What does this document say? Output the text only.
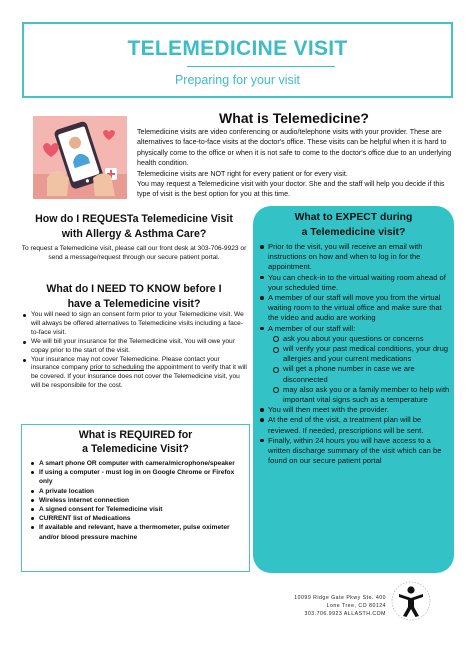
TELEMEDICINE VISIT
Preparing for your visit
What is Telemedicine?

Telemedicine visits are video conferencing or audio/telephone visits with your provider. These are alternatives to face-to-face visits at the doctor's office. These visits can be helpful when it is hard to physically come to the office or when it is not safe to come to the doctor's office due to an underlying health condition.

Telemedicine visits are NOT right for every patient or for every visit.

You may request a Telemedicine visit with your doctor. She and the staff will help you decide if this type of visit is the best option for you at this time.

How do I REQUESTa Telemedicine Visit
with Allergy & Asthma Care?
To request a Telemedicine visit, please call our front desk at 303-706-9923 or send a message/request through our secure patient portal.
What do I NEED TO KNOW before I
have a Telemedicine visit?
You will need to sign an consent form prior to your Telemedicine visit. We will always be offered alternatives to Telemedicine visits including a face-to-face visit.
We will bill your insurance for the Telemedicine visit. You will owe your copay prior to the start of the visit.
Your insurance may not cover Telemedicine. Please contact your insurance company prior to scheduling the appointment to verify that it will be covered. If your insurance does not cover the Telemedicine visit, you will be responsibile for the cost.
What is REQUIRED for
a Telemedicine Visit?
A smart phone OR computer with camera/microphone/speaker
If using a computer - must log in on Google Chrome or Firefox only
A private location
Wireless internet connection
A signed consent for Telemedicine visit
CURRENT list of Medications
If available and relevant, have a thermometer, pulse oximeter and/or blood pressure machine
What to EXPECT during
a Telemedicine visit?
Prior to the visit, you will receive an email with instructions on how and when to log in for the appointment.
You can check-in to the virtual waiting room ahead of your scheduled time.
A member of our staff will move you from the virtual waiting room to the virtual office and make sure that the video and audio are working
A member of our staff will:
ask you about your questions or concerns
will verify your past medical conditions, your drug allergies and your current medications
will get a phone number in case we are disconnected
may also ask you or a family member to help with important vital signs such as a temperature
You will then meet with the provider.
At the end of the visit, a treatment plan will be reviewed. If needed, prescriptions will be sent.
Finally, within 24 hours you will have access to a written discharge summary of the visit which can be found on our secure patient portal
10099 Ridge Gate Pkwy Ste. 400
Lone Tree, CO 80124
303.706.9923 ALLASTH.COM
